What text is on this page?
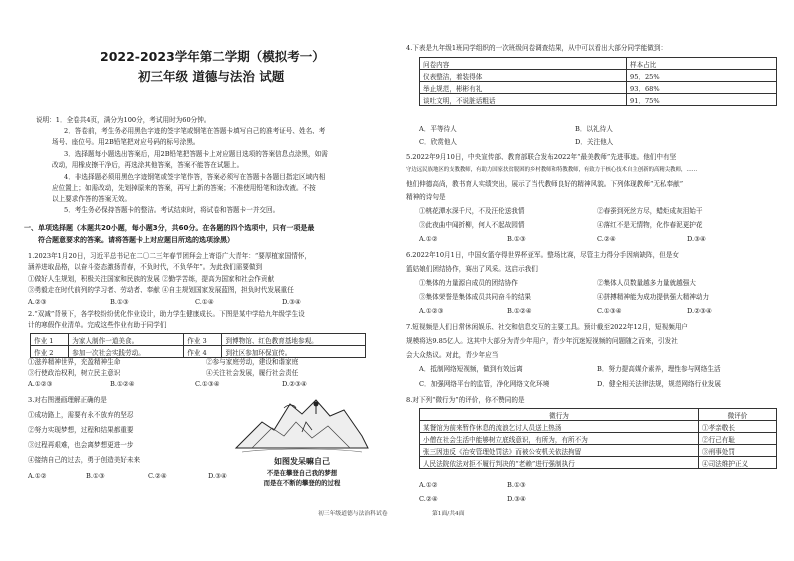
2022-2023学年第二学期（模拟考一）
初三年级 道德与法治 试题
说明：1．全卷共4页，满分为100分，考试用时为60分钟。
2．答卷前，考生务必用黑色字迹的签字笔或钢笔在答题卡填写自己的准考证号、姓名、考
场号、座位号。用2B铅笔把对应号码的标号涂黑。
3．选择题每小题选出答案后，用2B铅笔把答题卡上对应题目选项的答案信息点涂黑，如需
改动，用橡皮擦干净后，再选涂其他答案，答案不能答在试题上。
4．非选择题必须用黑色字迹钢笔或签字笔作答，答案必须写在答题卡各题目指定区域内相
应位置上；如需改动，先划掉原来的答案，再写上新的答案；不准使用铅笔和涂改液。不按
以上要求作答的答案无效。
5．考生务必保持答题卡的整洁。考试结束时，将试卷和答题卡一并交回。
一、单项选择题（本题共20小题，每小题3分，共60分。在各题的四个选项中，只有一项是最
符合题意要求的答案。请将答题卡上对应题目所选的选项涂黑）
1.2023年1月20日，习近平总书记在二〇二三年春节团拜会上寄语广大青年：“要厚植家国情怀，
涵养进取品格，以奋斗姿态激扬青春，不负时代，不负华年”。为此我们需要做到
①做好人生规划，积极关注国家和民族的发展 ②勤学苦练，提高为国家和社会作贡献
③勇毅走在时代前列的学习者、劳动者、奉献 ④自主规划国家发展蓝图，担负时代发展重任
A.②③	B.①③	C.①④	D.③④
2.“双减”背景下，各学校纷纷优化作业设计，助力学生健康成长。下图是某中学给九年级学生设
计的寒假作业清单。完成这些作业有助于同学们
作业 1	为家人制作一道美食。	作业 3	到博物馆、红色教育基地参观。
作业 2	参加一次社会实践劳动。	作业 4	到社区参加环保宣传。
①滋养精神世界，充盈精神生命	②参与家庭劳动，建设和谐家庭
③行使政治权利，树立民主意识	④关注社会发展，履行社会责任
A.①②③	B.①②④	C.①③④	D.②③④
3.对右图漫画理解正确的是
①成功路上，需要有永不放弃的坚忍
②努力实现梦想，过程和结果都重要
③过程再艰难，也会离梦想更进一步
④接纳自己的过去，勇于创造美好未来
A.①②	B.①③	C.②④	D.③④
如图发呆嘛自己
不是在攀登自己我的梦想
而是在不断的攀登的的过程
4.下表是九年级1班同学组织的一次班级问卷调查结果，从中可以看出大部分同学能做到：
问卷内容	样本占比
仪表整洁，着装得体	95．25%
举止规范，彬彬有礼	93．68%
谈吐文明，不说脏话粗话	91．75%
A．平等待人	B．以礼待人
C．欣赏他人	D．关注他人
5.2022年9月10日，中央宣传部、教育部联合发布2022年“最美教师”先进事迹。他们中有坚
守边远民族地区的支教教师，有助力国家扶贫脱困的乡村教师和特教教师，有致力于核心技术自主创新的高精尖教师，……
他们伸德高尚，教书育人实绩突出，展示了当代教师良好的精神风貌。下列体现教师“无私奉献”
精神的诗句是
①桃花潭水深千尺，不及汪伦送我情	②春蚕到死丝方尽，蜡炬成灰泪始干
③此夜曲中闻折柳，何人不起故园情	④落红不是无情物，化作春泥更护花
A.①②	B.①③	C.②④	D.③④
6.2022年10月1日，中国女篮夺得世界杯亚军。整场比赛，尽管主力得分手因病缺阵，但是女
篮姑娘们团结协作，赛出了风采。这启示我们
①集体的力量源自成员的团结协作	②集体人员数量越多力量就越强大
③集体荣誉是集体成员共同奋斗的结果	④拼搏精神能为成功提供强大精神动力
A.①②③	B.①②④	C.①③④	D.②③④
7.短视频是人们日常休闲娱乐、社交和信息交互的主要工具。预计截至2022年12月，短视频用户
规模将达9.85亿人。这其中大部分为青少年用户，青少年沉迷短视频的问题随之而来，引发社
会大众热议。对此，青少年应当
A．抵制网络短视频，做到有效远离	B．努力提高媒介素养，理性参与网络生活
C．加强网络平台的监管，净化网络文化环境	D．健全相关法律法规，规范网络行业发展
8.对下列“微行为”的评价，你不赞同的是
微行为	微评价
某餐馆为前来暂作休息的流浪乞讨人员送上热汤	①孝亲敬长
小僧在社会生活中能够树立底线意识，有所为，有所不为	②行己有耻
张三因违反《治安管理处罚法》而被公安机关依法拘留	③刑事处罚
人民法院依法对拒不履行判决的“老赖”进行强制执行	④司法维护正义
A.①②	B.①③
C.②④	D.③④
初三年级道德与法治科试卷	第1面/共4面
